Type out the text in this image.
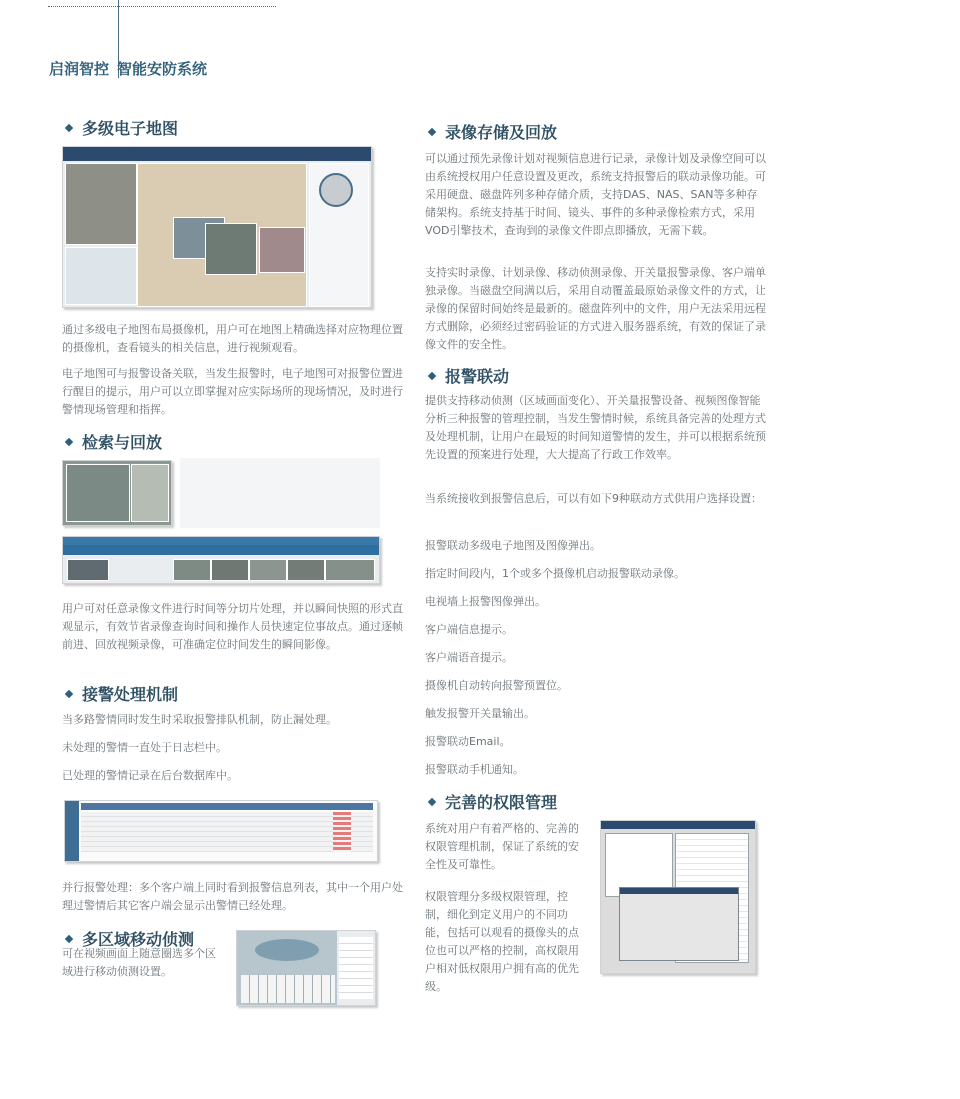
启润智控 智能安防系统
多级电子地图
通过多级电子地图布局摄像机，用户可在地图上精确选择对应物理位置的摄像机，查看镜头的相关信息，进行视频观看。
电子地图可与报警设备关联，当发生报警时，电子地图可对报警位置进行醒目的提示，用户可以立即掌握对应实际场所的现场情况，及时进行警情现场管理和指挥。
检索与回放
用户可对任意录像文件进行时间等分切片处理，并以瞬间快照的形式直观显示，有效节省录像查询时间和操作人员快速定位事故点。通过逐帧前进、回放视频录像，可准确定位时间发生的瞬间影像。
接警处理机制
当多路警情同时发生时采取报警排队机制，防止漏处理。
未处理的警情一直处于日志栏中。
已处理的警情记录在后台数据库中。
并行报警处理：多个客户端上同时看到报警信息列表，其中一个用户处理过警情后其它客户端会显示出警情已经处理。
多区域移动侦测
可在视频画面上随意圈选多个区域进行移动侦测设置。
录像存储及回放
可以通过预先录像计划对视频信息进行记录，录像计划及录像空间可以由系统授权用户任意设置及更改，系统支持报警后的联动录像功能。可采用硬盘、磁盘阵列多种存储介质，支持DAS、NAS、SAN等多种存储架构。系统支持基于时间、镜头、事件的多种录像检索方式，采用VOD引擎技术，查询到的录像文件即点即播放，无需下载。
支持实时录像、计划录像、移动侦测录像、开关量报警录像、客户端单独录像。当磁盘空间满以后，采用自动覆盖最原始录像文件的方式，让录像的保留时间始终是最新的。磁盘阵列中的文件，用户无法采用远程方式删除，必须经过密码验证的方式进入服务器系统，有效的保证了录像文件的安全性。
报警联动
提供支持移动侦测（区域画面变化）、开关量报警设备、视频图像智能分析三种报警的管理控制，当发生警情时候，系统具备完善的处理方式及处理机制，让用户在最短的时间知道警情的发生，并可以根据系统预先设置的预案进行处理，大大提高了行政工作效率。
当系统接收到报警信息后，可以有如下9种联动方式供用户选择设置：
报警联动多级电子地图及图像弹出。
指定时间段内，1个或多个摄像机启动报警联动录像。
电视墙上报警图像弹出。
客户端信息提示。
客户端语音提示。
摄像机自动转向报警预置位。
触发报警开关量输出。
报警联动Email。
报警联动手机通知。
完善的权限管理
系统对用户有着严格的、完善的权限管理机制，保证了系统的安全性及可靠性。
权限管理分多级权限管理，控制，细化到定义用户的不同功能，包括可以观看的摄像头的点位也可以严格的控制，高权限用户相对低权限用户拥有高的优先级。
